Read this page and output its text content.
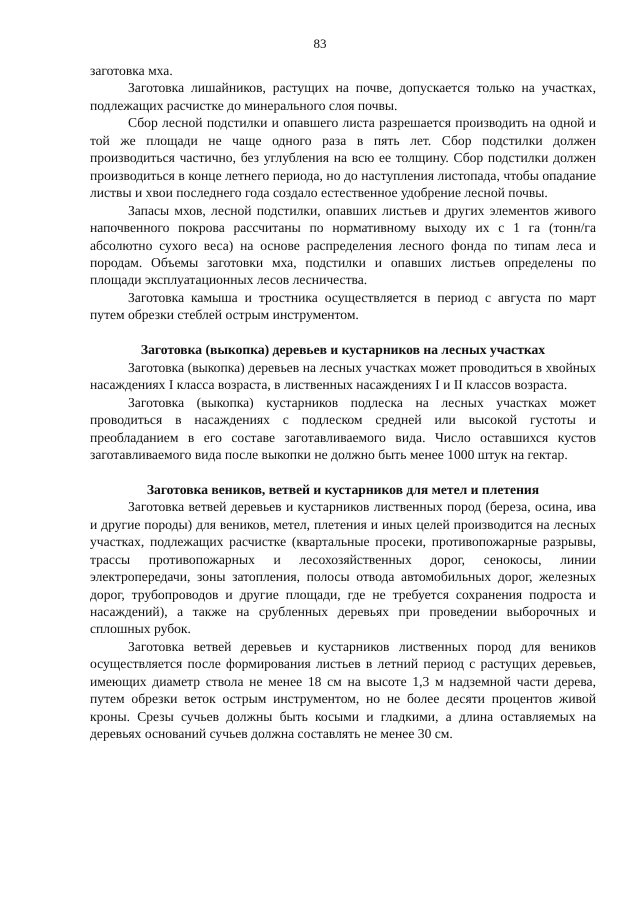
83

заготовка мха.

Заготовка лишайников, растущих на почве, допускается только на участках, подлежащих расчистке до минерального слоя почвы.

Сбор лесной подстилки и опавшего листа разрешается производить на одной и той же площади не чаще одного раза в пять лет. Сбор подстилки должен производиться частично, без углубления на всю ее толщину. Сбор подстилки должен производиться в конце летнего периода, но до наступления листопада, чтобы опадание листвы и хвои последнего года создало естественное удобрение лесной почвы.

Запасы мхов, лесной подстилки, опавших листьев и других элементов живого напочвенного покрова рассчитаны по нормативному выходу их с 1 га (тонн/га абсолютно сухого веса) на основе распределения лесного фонда по типам леса и породам. Объемы заготовки мха, подстилки и опавших листьев определены по площади эксплуатационных лесов лесничества.

Заготовка камыша и тростника осуществляется в период с августа по март путем обрезки стеблей острым инструментом.

Заготовка (выкопка) деревьев и кустарников на лесных участках

Заготовка (выкопка) деревьев на лесных участках может проводиться в хвойных насаждениях I класса возраста, в лиственных насаждениях I и II классов возраста.

Заготовка (выкопка) кустарников подлеска на лесных участках может проводиться в насаждениях с подлеском средней или высокой густоты и преобладанием в его составе заготавливаемого вида. Число оставшихся кустов заготавливаемого вида после выкопки не должно быть менее 1000 штук на гектар.

Заготовка веников, ветвей и кустарников для метел и плетения

Заготовка ветвей деревьев и кустарников лиственных пород (береза, осина, ива и другие породы) для веников, метел, плетения и иных целей производится на лесных участках, подлежащих расчистке (квартальные просеки, противопожарные разрывы, трассы противопожарных и лесохозяйственных дорог, сенокосы, линии электропередачи, зоны затопления, полосы отвода автомобильных дорог, железных дорог, трубопроводов и другие площади, где не требуется сохранения подроста и насаждений), а также на срубленных деревьях при проведении выборочных и сплошных рубок.

Заготовка ветвей деревьев и кустарников лиственных пород для веников осуществляется после формирования листьев в летний период с растущих деревьев, имеющих диаметр ствола не менее 18 см на высоте 1,3 м надземной части дерева, путем обрезки веток острым инструментом, но не более десяти процентов живой кроны. Срезы сучьев должны быть косыми и гладкими, а длина оставляемых на деревьях оснований сучьев должна составлять не менее 30 см.
